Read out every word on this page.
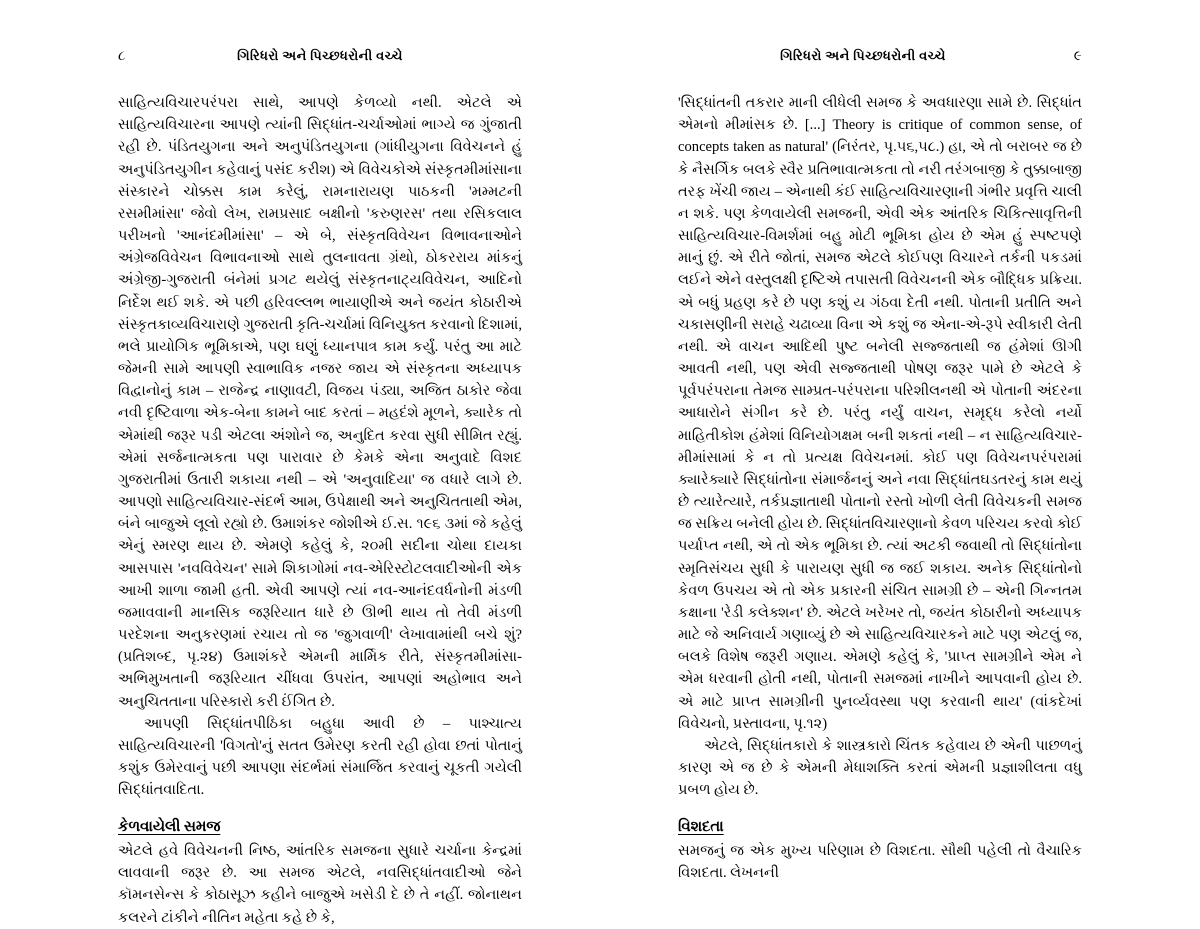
૮	ગિરિધરો અને પિચ્છધરોની વચ્ચે

સાહિત્યવિચારપરંપરા સાથે, આપણે કેળવ્યો નથી. એટલે એ સાહિત્યવિચારના આપણે ત્યાંની સિદ્ધાંત-ચર્ચાઓમાં ભાગ્યે જ ગુંજાતી રહી છે. પંડિતયુગના અને અનુપંડિતયુગના (ગાંધીયુગના વિવેચનને હું અનુપંડિતયુગીન કહેવાનું પસંદ કરીશ) એ વિવેચકોએ સંસ્કૃતમીમાંસાના સંસ્કારને ચોક્કસ કામ કરેલું, રામનારાયણ પાઠકની 'મમ્મટની રસમીમાંસા' જેવો લેખ, રામપ્રસાદ બક્ષીનો 'કરુણરસ' તથા રસિકલાલ પરીખનો 'આનંદમીમાંસા' – એ બે, સંસ્કૃતવિવેચન વિભાવનાઓને અંગ્રેજવિવેચન વિભાવનાઓ સાથે તુલનાવતા ગ્રંથો, ઠોકરરાય માંકનું અંગ્રેજી-ગુજરાતી બંનેમાં પ્રગટ થયેલું સંસ્કૃતનાટ્યવિવેચન, આદિનો નિર્દેશ થઈ શકે. એ પછી હરિવલ્લભ ભાયાણીએ અને જયંત કોઠારીએ સંસ્કૃતકાવ્યવિચારાણે ગુજરાતી કૃતિ-ચર્ચામાં વિનિયુક્ત કરવાનો દિશામાં, ભલે પ્રાયોગિક ભૂમિકાએ, પણ ઘણું ધ્યાનપાત્ર કામ કર્યું. પરંતુ આ માટે જેમની સામે આપણી સ્વાભાવિક નજર જાય એ સંસ્કૃતના અધ્યાપક વિદ્વાનોનું કામ – રાજેન્દ્ર નાણાવટી, વિજય પંડ્યા, અજિત ઠાકોર જેવા નવી દૃષ્ટિવાળા એક-બેના કામને બાદ કરતાં – મહદંશે મૂળને, ક્યારેક તો એમાંથી જરૂર પડી એટલા અંશોને જ, અનુદિત કરવા સુધી સીમિત રહ્યું. એમાં સર્જનાત્મકતા પણ પારાવાર છે કેમકે એના અનુવાદે વિશદ ગુજરાતીમાં ઉતારી શકાયા નથી – એ 'અનુવાદિયા' જ વધારે લાગે છે. આપણો સાહિત્યવિચાર-સંદર્ભ આમ, ઉપેક્ષાથી અને અનુચિતતાથી એમ, બંને બાજુએ લૂલો રહ્યો છે. ઉમાશંકર જોશીએ ઈ.સ. ૧૯૬ ૩માં જે કહેલું એનું સ્મરણ થાય છે. એમણે કહેલું કે, ૨૦મી સદીના ચોથા દાયકા આસપાસ 'નવવિવેચન' સામે શિકાગોમાં નવ-એરિસ્ટોટલવાદીઓની એક આખી શાળા જામી હતી. એવી આપણે ત્યાં નવ-આનંદવર્ધનોની મંડળી જમાવવાની માનસિક જરૂરિયાત ધારે છે ઊભી થાય તો તેવી મંડળી પરદેશના અનુકરણમાં રચાય તો જ 'જુગવાળી' લેખાવામાંથી બચે શું? (પ્રતિશબ્દ, પૃ.૨૪) ઉમાશંકરે એમની માર્મિક રીતે, સંસ્કૃતમીમાંસા-અભિમુખતાની જરૂરિયાત ચીંધવા ઉપરાંત, આપણાં અહોભાવ અને અનુચિતતાના પરિસ્કારો કરી ઈંગિત છે.

આપણી સિદ્ધાંતપીઠિકા બહુધા આવી છે – પાશ્ચાત્ય સાહિત્યવિચારની 'વિગતો'નું સતત ઉમેરણ કરતી રહી હોવા છતાં પોતાનું કશુંક ઉમેરવાનું પછી આપણા સંદર્ભમાં સંમાર્જિત કરવાનું ચૂકતી ગયેલી સિદ્ધાંતવાદિતા.

કેળવાયેલી સમજ

એટલે હવે વિવેચનની નિષ્ઠ, આંતરિક સમજના સુધારે ચર્ચાના કેન્દ્રમાં લાવવાની જરૂર છે. આ સમજ એટલે, નવસિદ્ધાંતવાદીઓ જેને કૉમનસેન્સ કે કોઠાસૂઝ કહીને બાજુએ ખસેડી દે છે તે નહીં. જોનાથન કલરને ટાંકીને નીતિન મહેતા કહે છે કે,

ગિરિધરો અને પિચ્છધરોની વચ્ચે	૯

'સિદ્ધાંતની તકરાર માની લીધેલી સમજ કે અવધારણા સામે છે. સિદ્ધાંત એમનો મીમાંસક છે. [...] Theory is critique of common sense, of concepts taken as natural' (નિરંતર, પૃ.૫૬,૫૮.) હા, એ તો બરાબર જ છે કે નૈસર્ગિક બલકે સ્વૈર પ્રતિભાવાત્મકતા તો નરી તરંગબાજી કે તુક્કાબાજી તરફ ખેંચી જાય – એનાથી કંઈ સાહિત્યવિચારણાની ગંભીર પ્રવૃત્તિ ચાલી ન શકે. પણ કેળવાયેલી સમજની, એવી એક આંતરિક ચિકિત્સાવૃત્તિની સાહિત્યવિચાર-વિમર્શમાં બહુ મોટી ભૂમિકા હોય છે એમ હું સ્પષ્ટપણે માનું છું. એ રીતે જોતાં, સમજ એટલે કોઈપણ વિચારને તર્કની પકડમાં લઈને એને વસ્તુલક્ષી દૃષ્ટિએ તપાસતી વિવેચનની એક બૌદ્ધિક પ્રક્રિયા. એ બધું પ્રહણ કરે છે પણ કશું ય ગંઠવા દેતી નથી. પોતાની પ્રતીતિ અને ચકાસણીની સરાહે ચઢાવ્યા વિના એ કશું જ એના-એ-રૂપે સ્વીકારી લેતી નથી. એ વાચન આદિથી પુષ્ટ બનેલી સજ્જતાથી જ હંમેશાં ઊગી આવતી નથી, પણ એવી સજ્જતાથી પોષણ જરૂર પામે છે એટલે કે પૂર્વપરંપરાના તેમજ સામ્પ્રત-પરંપરાના પરિશીલનથી એ પોતાની અંદરના આધારોને સંગીન કરે છે. પરંતુ નર્યું વાચન, સમૃદ્ધ કરેલો નર્યો માહિતીકોશ હંમેશાં વિનિયોગક્ષમ બની શકતાં નથી – ન સાહિત્યવિચાર-મીમાંસામાં કે ન તો પ્રત્યક્ષ વિવેચનમાં. કોઈ પણ વિવેચનપરંપરામાં ક્યારેક્યારે સિદ્ધાંતોના સંમાર્જનનું અને નવા સિદ્ધાંતઘડતરનું કામ થયું છે ત્યારેત્યારે, તર્કપ્રજ્ઞાતાથી પોતાનો રસ્તો ખોળી લેતી વિવેચકની સમજ જ સક્રિય બનેલી હોય છે. સિદ્ધાંતવિચારણાનો કેવળ પરિચય કરવો કોઈ પર્યાપ્ત નથી, એ તો એક ભૂમિકા છે. ત્યાં અટકી જવાથી તો સિદ્ધાંતોના સ્મૃતિસંચય સુધી કે પારાયણ સુધી જ જઈ શકાય. અનેક સિદ્ધાંતોનો કેવળ ઉપચય એ તો એક પ્રકારની સંચિત સામગ્રી છે – એની ગિન્નતમ કક્ષાના 'રેડી કલેક્શન' છે. એટલે ખરેખર તો, જયંત કોઠારીનો અધ્યાપક માટે જે અનિવાર્ય ગણાવ્યું છે એ સાહિત્યવિચારકને માટે પણ એટલું જ, બલકે વિશેષ જરૂરી ગણાય. એમણે કહેલું કે, 'પ્રાપ્ત સામગ્રીને એમ ને એમ ધરવાની હોતી નથી, પોતાની સમજમાં નાખીને આપવાની હોય છે. એ માટે પ્રાપ્ત સામગ્રીની પુનર્વ્યવસ્થા પણ કરવાની થાય' (વાંકદેખાં વિવેચનો, પ્રસ્તાવના, પૃ.૧૨)

એટલે, સિદ્ધાંતકારો કે શાસ્ત્રકારો ચિંતક કહેવાય છે એની પાછળનું કારણ એ જ છે કે એમની મેધાશક્તિ કરતાં એમની પ્રજ્ઞાશીલતા વધુ પ્રબળ હોય છે.

વિશદતા

સમજનું જ એક મુખ્ય પરિણામ છે વિશદતા. સૌથી પહેલી તો વૈચારિક વિશદતા. લેખનની
